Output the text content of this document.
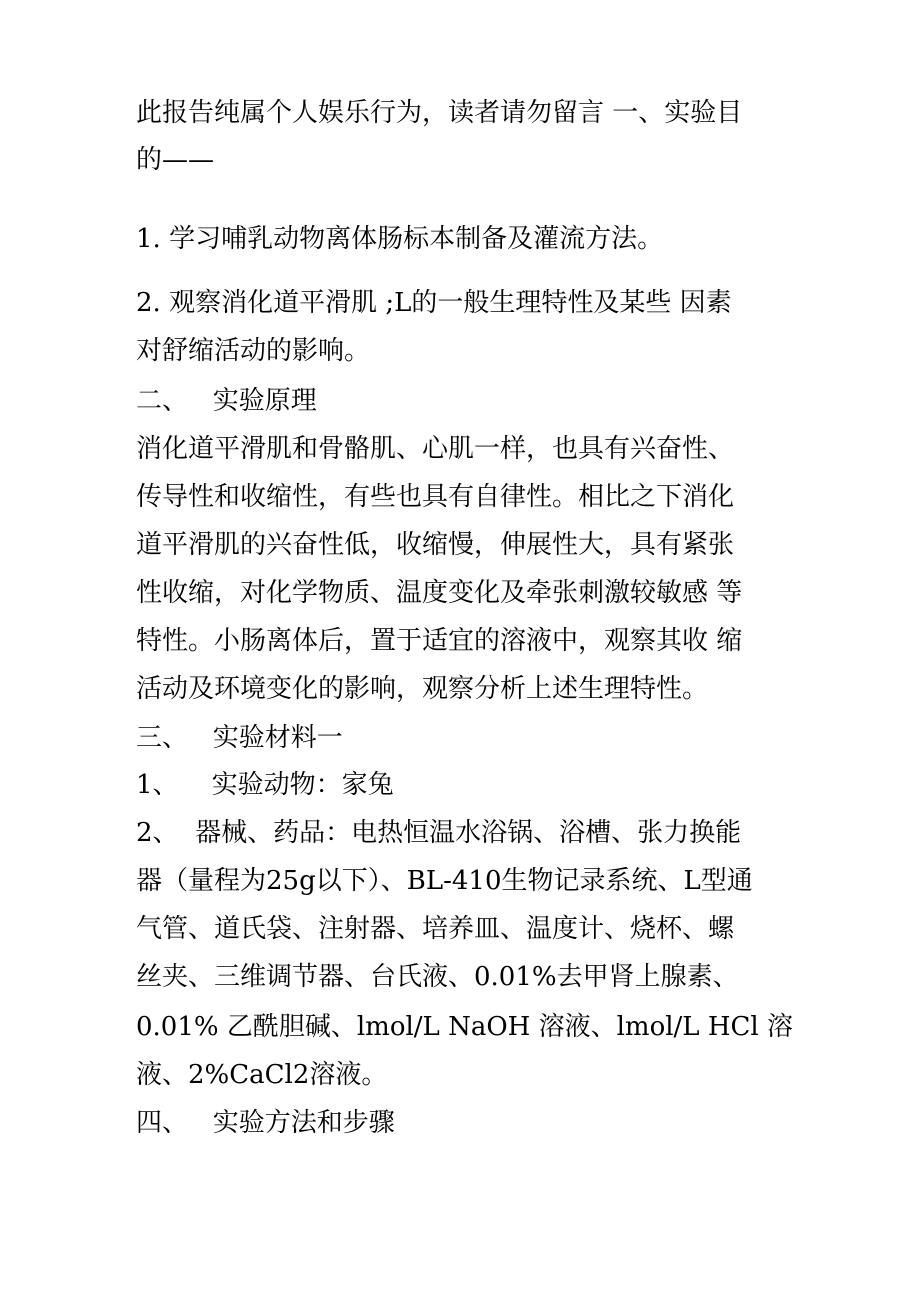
此报告纯属个人娱乐行为，读者请勿留言 一、实验目
的——
1. 学习哺乳动物离体肠标本制备及灌流方法。
2. 观察消化道平滑肌 ;L的一般生理特性及某些 因素
对舒缩活动的影响。
二、   实验原理
消化道平滑肌和骨骼肌、心肌一样，也具有兴奋性、
传导性和收缩性，有些也具有自律性。相比之下消化
道平滑肌的兴奋性低，收缩慢，伸展性大，具有紧张
性收缩，对化学物质、温度变化及牵张刺激较敏感 等
特性。小肠离体后，置于适宜的溶液中，观察其收 缩
活动及环境变化的影响，观察分析上述生理特性。
三、   实验材料一
1、    实验动物：家兔
2、  器械、药品：电热恒温水浴锅、浴槽、张力换能
器（量程为25g以下）、BL-410生物记录系统、L型通
气管、道氏袋、注射器、培养皿、温度计、烧杯、螺
丝夹、三维调节器、台氏液、0.01%去甲肾上腺素、
0.01% 乙酰胆碱、lmol/L NaOH 溶液、lmol/L HCl 溶
液、2%CaCl2溶液。
四、   实验方法和步骤
